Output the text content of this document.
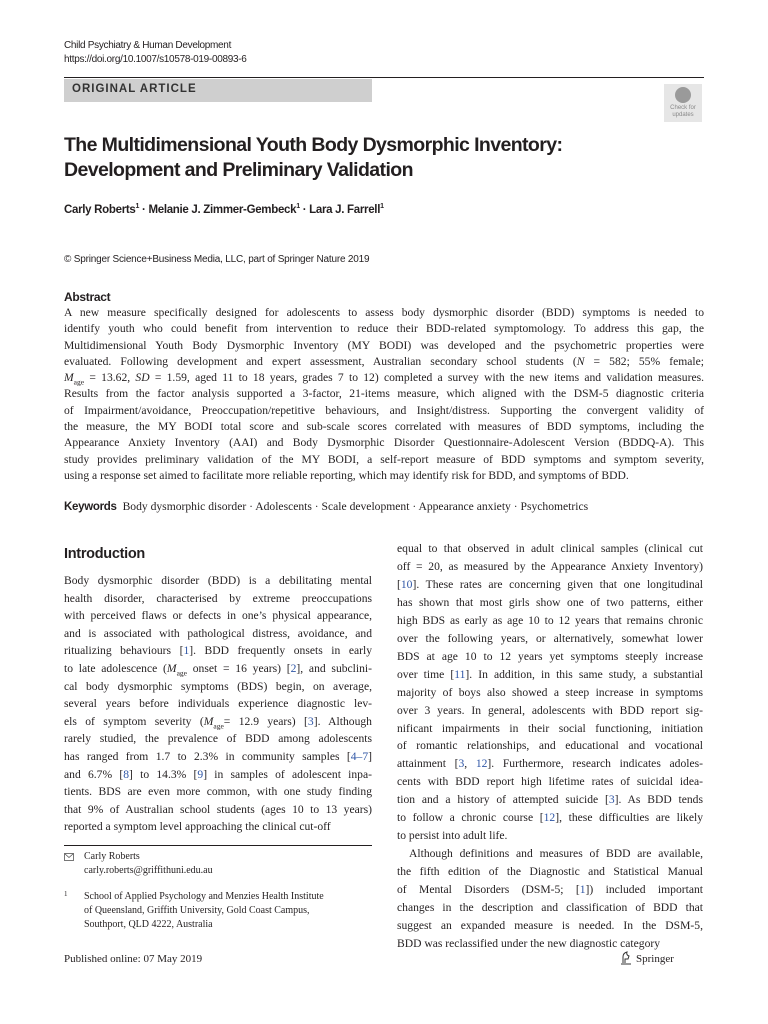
Child Psychiatry & Human Development
https://doi.org/10.1007/s10578-019-00893-6
ORIGINAL ARTICLE
Check for
updates
The Multidimensional Youth Body Dysmorphic Inventory:
Development and Preliminary Validation
Carly Roberts$^1$ · Melanie J. Zimmer-Gembeck$^1$ · Lara J. Farrell$^1$
© Springer Science+Business Media, LLC, part of Springer Nature 2019
Abstract
A new measure specifically designed for adolescents to assess body dysmorphic disorder (BDD) symptoms is needed to
identify youth who could benefit from intervention to reduce their BDD-related symptomology. To address this gap, the
Multidimensional Youth Body Dysmorphic Inventory (MY BODI) was developed and the psychometric properties were
evaluated. Following development and expert assessment, Australian secondary school students (N = 582; 55% female;
$M_{age} = 13.62$, SD = 1.59, aged 11 to 18 years, grades 7 to 12) completed a survey with the new items and validation measures.
Results from the factor analysis supported a 3-factor, 21-items measure, which aligned with the DSM-5 diagnostic criteria
of Impairment/avoidance, Preoccupation/repetitive behaviours, and Insight/distress. Supporting the convergent validity of
the measure, the MY BODI total score and sub-scale scores correlated with measures of BDD symptoms, including the
Appearance Anxiety Inventory (AAI) and Body Dysmorphic Disorder Questionnaire-Adolescent Version (BDDQ-A). This
study provides preliminary validation of the MY BODI, a self-report measure of BDD symptoms and symptom severity,
using a response set aimed to facilitate more reliable reporting, which may identify risk for BDD, and symptoms of BDD.
Keywords Body dysmorphic disorder · Adolescents · Scale development · Appearance anxiety · Psychometrics
Introduction
Body dysmorphic disorder (BDD) is a debilitating mental
health disorder, characterised by extreme preoccupations
with perceived flaws or defects in one’s physical appearance,
and is associated with pathological distress, avoidance, and
ritualizing behaviours [1]. BDD frequently onsets in early
to late adolescence ($M_{age}$ onset = 16 years) [2], and subclini-
cal body dysmorphic symptoms (BDS) begin, on average,
several years before individuals experience diagnostic lev-
els of symptom severity ($M_{age}= 12.9$ years) [3]. Although
rarely studied, the prevalence of BDD among adolescents
has ranged from 1.7 to 2.3% in community samples [4–7]
and 6.7% [8] to 14.3% [9] in samples of adolescent inpa-
tients. BDS are even more common, with one study finding
that 9% of Australian school students (ages 10 to 13 years)
reported a symptom level approaching the clinical cut-off
equal to that observed in adult clinical samples (clinical cut
off = 20, as measured by the Appearance Anxiety Inventory)
[10]. These rates are concerning given that one longitudinal
has shown that most girls show one of two patterns, either
high BDS as early as age 10 to 12 years that remains chronic
over the following years, or alternatively, somewhat lower
BDS at age 10 to 12 years yet symptoms steeply increase
over time [11]. In addition, in this same study, a substantial
majority of boys also showed a steep increase in symptoms
over 3 years. In general, adolescents with BDD report sig-
nificant impairments in their social functioning, initiation
of romantic relationships, and educational and vocational
attainment [3, 12]. Furthermore, research indicates adoles-
cents with BDD report high lifetime rates of suicidal idea-
tion and a history of attempted suicide [3]. As BDD tends
to follow a chronic course [12], these difficulties are likely
to persist into adult life.
Although definitions and measures of BDD are available,
the fifth edition of the Diagnostic and Statistical Manual
of Mental Disorders (DSM-5; [1]) included important
changes in the description and classification of BDD that
suggest an expanded measure is needed. In the DSM-5,
BDD was reclassified under the new diagnostic category
Carly Roberts
carly.roberts@griffithuni.edu.au
1 School of Applied Psychology and Menzies Health Institute
of Queensland, Griffith University, Gold Coast Campus,
Southport, QLD 4222, Australia
Published online: 07 May 2019	Springer
